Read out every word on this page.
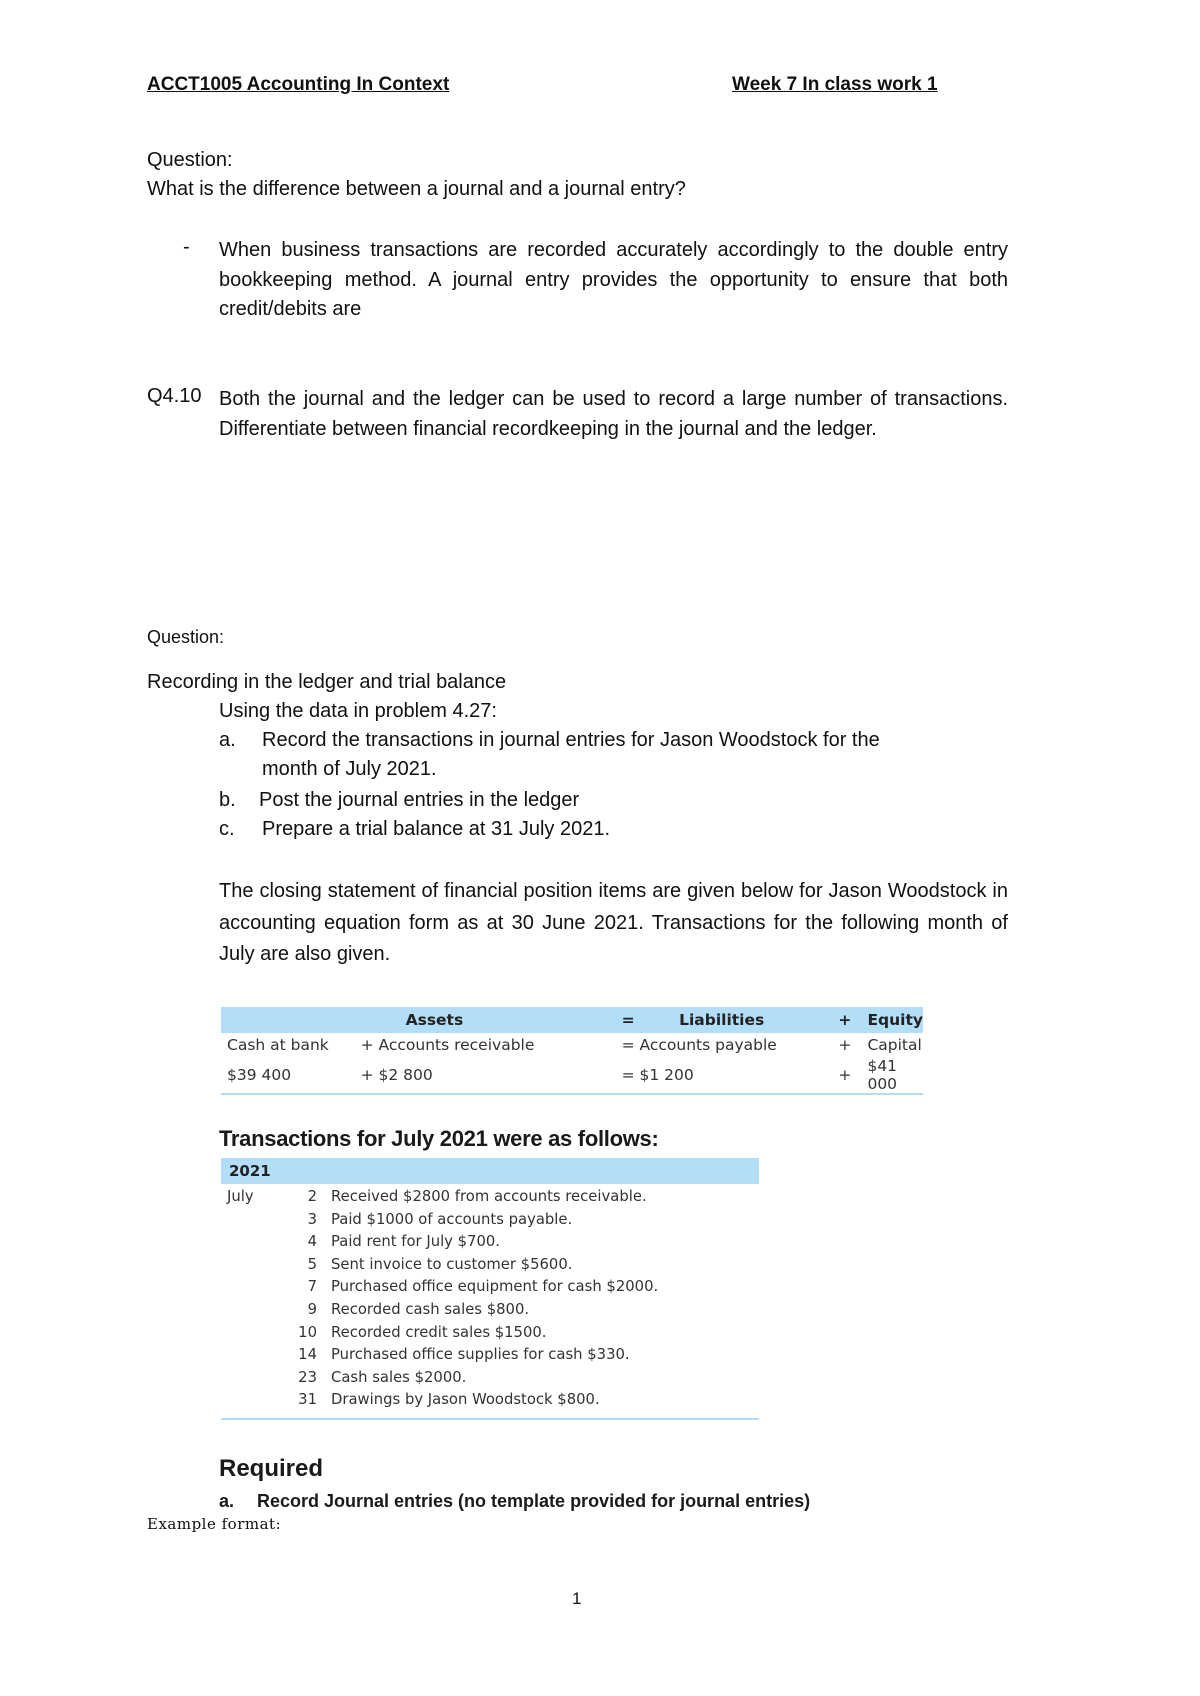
ACCT1005 Accounting In Context	Week 7 In class work 1
Question:
What is the difference between a journal and a journal entry?
- When business transactions are recorded accurately accordingly to the double entry bookkeeping method. A journal entry provides the opportunity to ensure that both credit/debits are
Q4.10 Both the journal and the ledger can be used to record a large number of transactions. Differentiate between financial recordkeeping in the journal and the ledger.
Question:
Recording in the ledger and trial balance
Using the data in problem 4.27:
a. Record the transactions in journal entries for Jason Woodstock for the
month of July 2021.
b. Post the journal entries in the ledger
c. Prepare a trial balance at 31 July 2021.
The closing statement of financial position items are given below for Jason Woodstock in accounting equation form as at 30 June 2021. Transactions for the following month of July are also given.
	Assets	=	Liabilities	+	Equity
Cash at bank	+ Accounts receivable	= Accounts payable		+	Capital
$39 400	+ $2 800	= $1 200		+	$41 000
Transactions for July 2021 were as follows:
2021
July	2 Received $2800 from accounts receivable.
3 Paid $1000 of accounts payable.
4 Paid rent for July $700.
5 Sent invoice to customer $5600.
7 Purchased office equipment for cash $2000.
9 Recorded cash sales $800.
10 Recorded credit sales $1500.
14 Purchased office supplies for cash $330.
23 Cash sales $2000.
31 Drawings by Jason Woodstock $800.
Required
a. Record Journal entries (no template provided for journal entries)
Example format:
1
